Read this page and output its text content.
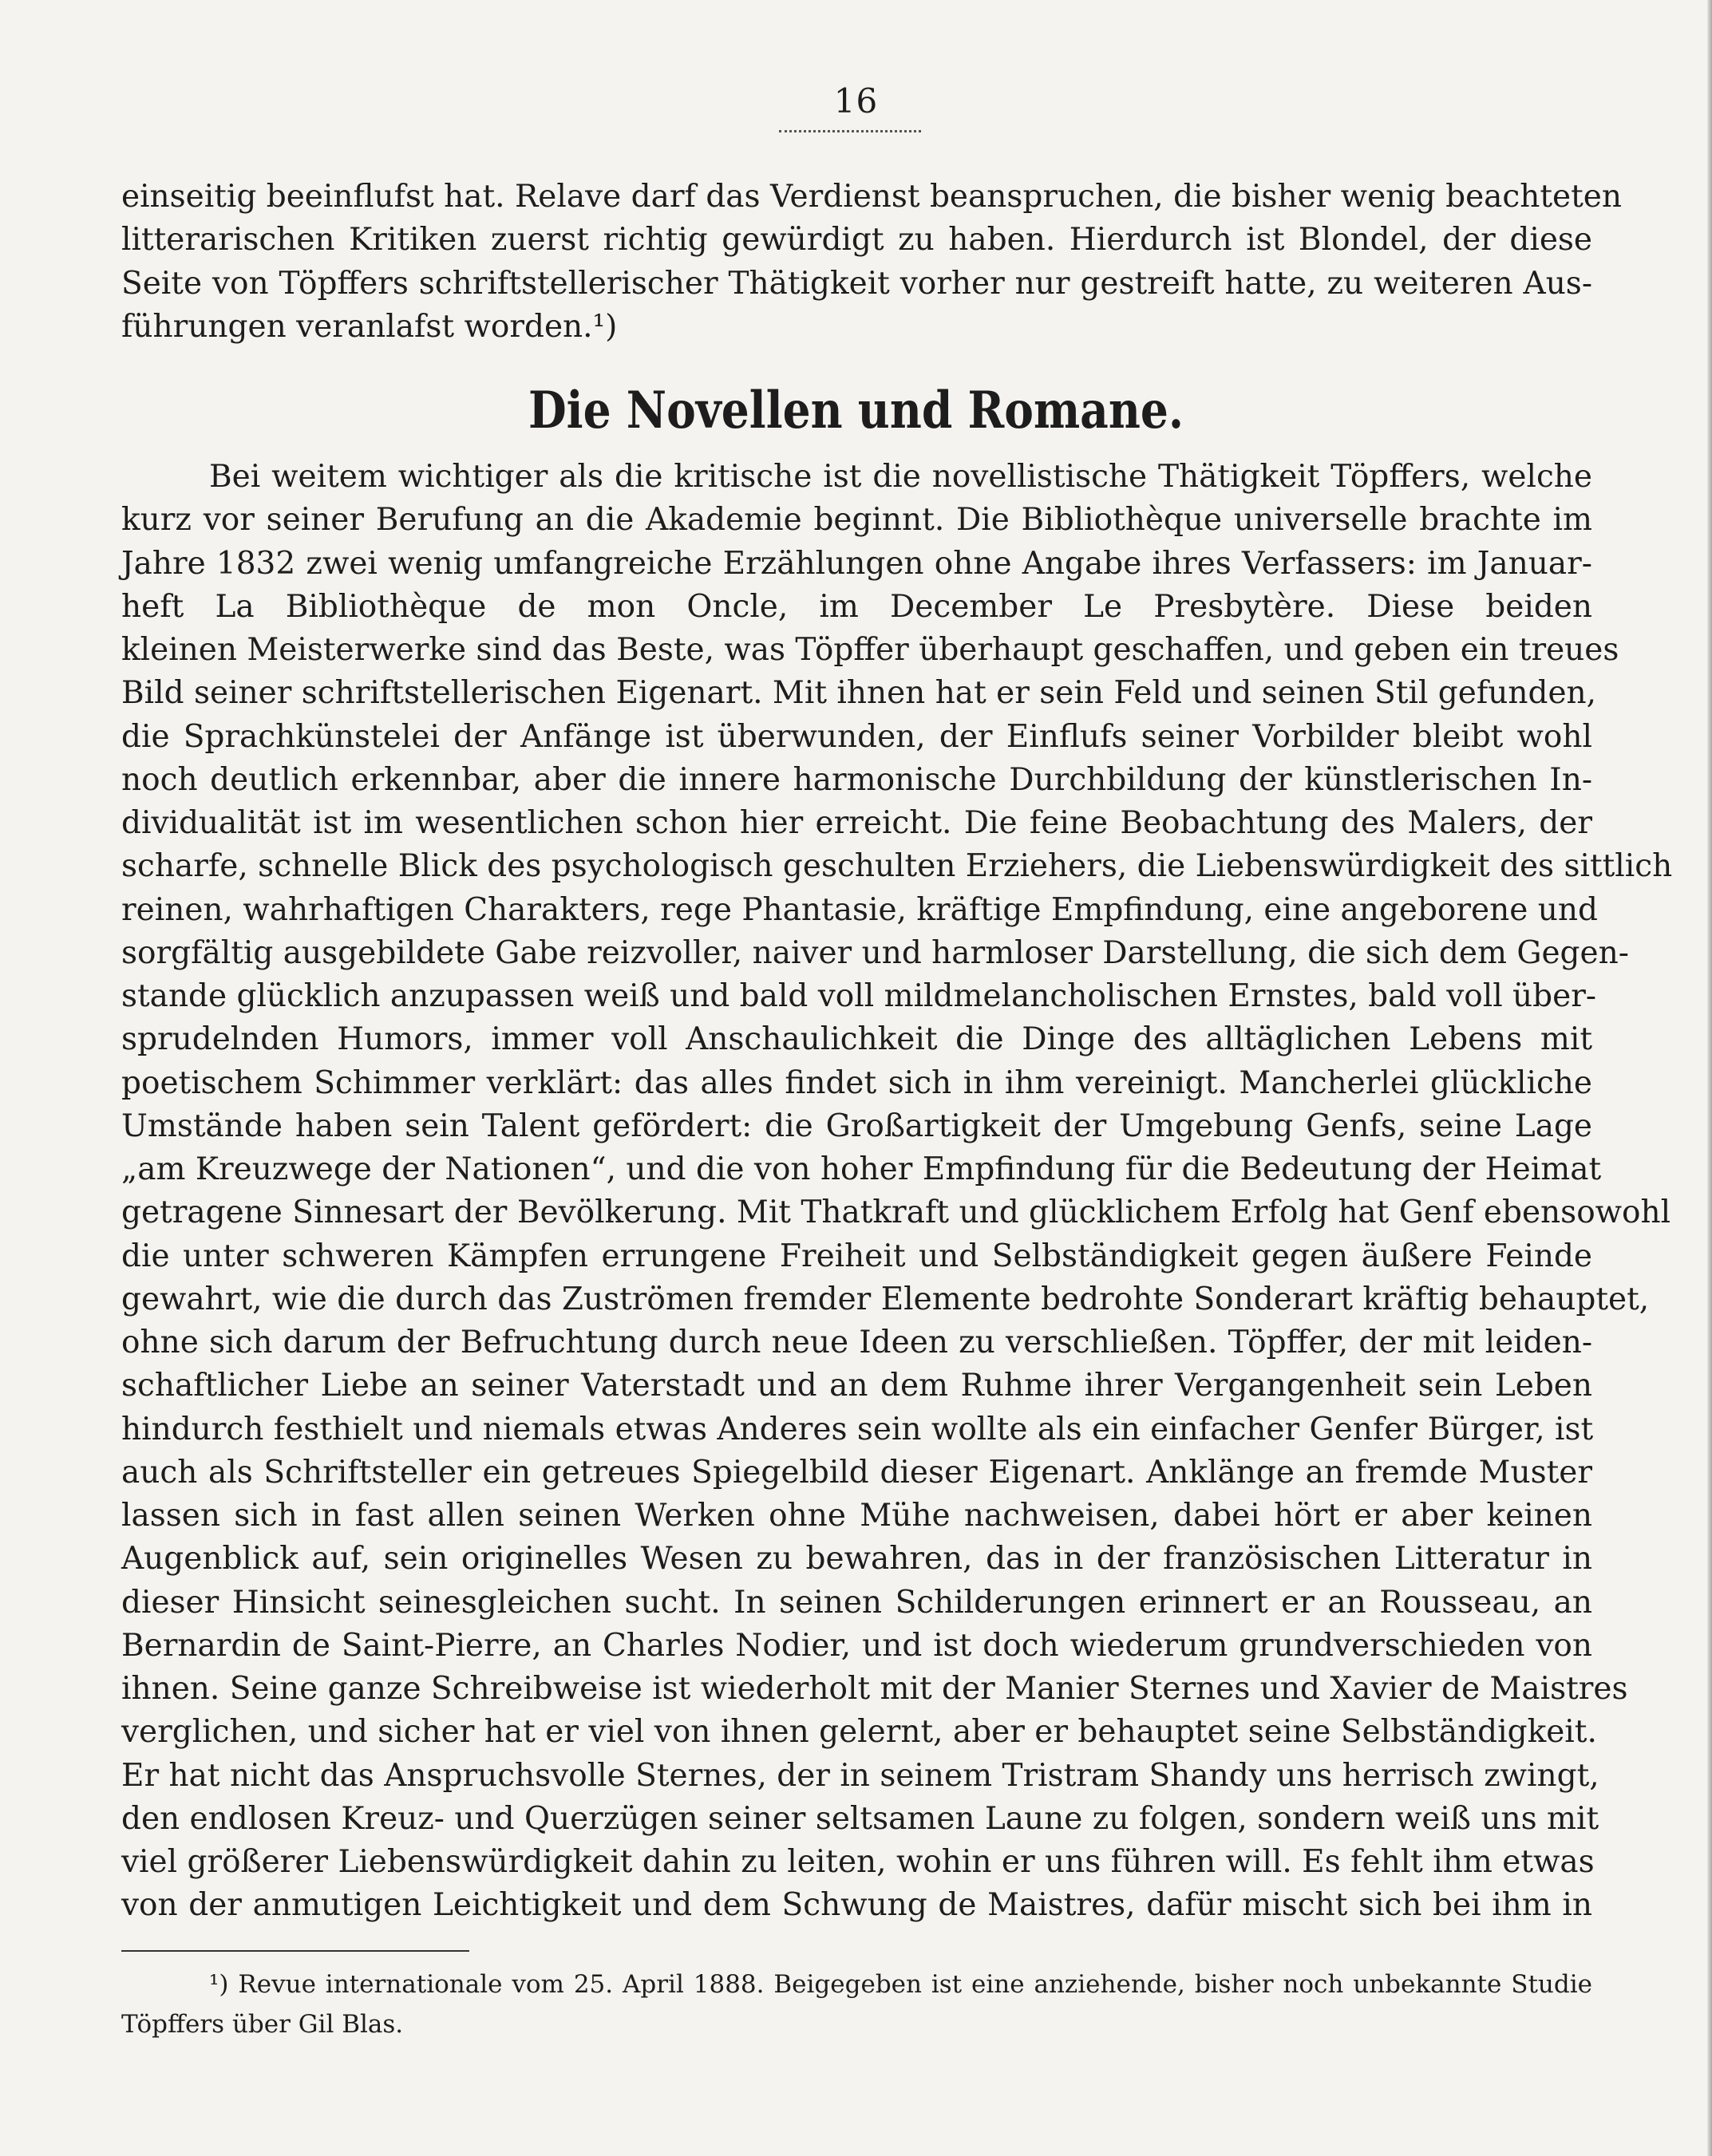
16
einseitig beeinflufst hat. Relave darf das Verdienst beanspruchen, die bisher wenig beachteten
litterarischen Kritiken zuerst richtig gewürdigt zu haben. Hierdurch ist Blondel, der diese
Seite von Töpffers schriftstellerischer Thätigkeit vorher nur gestreift hatte, zu weiteren Aus-
führungen veranlafst worden.¹)
Die Novellen und Romane.
Bei weitem wichtiger als die kritische ist die novellistische Thätigkeit Töpffers, welche
kurz vor seiner Berufung an die Akademie beginnt. Die Bibliothèque universelle brachte im
Jahre 1832 zwei wenig umfangreiche Erzählungen ohne Angabe ihres Verfassers: im Januar-
heft La Bibliothèque de mon Oncle, im December Le Presbytère. Diese beiden
kleinen Meisterwerke sind das Beste, was Töpffer überhaupt geschaffen, und geben ein treues
Bild seiner schriftstellerischen Eigenart. Mit ihnen hat er sein Feld und seinen Stil gefunden,
die Sprachkünstelei der Anfänge ist überwunden, der Einflufs seiner Vorbilder bleibt wohl
noch deutlich erkennbar, aber die innere harmonische Durchbildung der künstlerischen In-
dividualität ist im wesentlichen schon hier erreicht. Die feine Beobachtung des Malers, der
scharfe, schnelle Blick des psychologisch geschulten Erziehers, die Liebenswürdigkeit des sittlich
reinen, wahrhaftigen Charakters, rege Phantasie, kräftige Empfindung, eine angeborene und
sorgfältig ausgebildete Gabe reizvoller, naiver und harmloser Darstellung, die sich dem Gegen-
stande glücklich anzupassen weiß und bald voll mildmelancholischen Ernstes, bald voll über-
sprudelnden Humors, immer voll Anschaulichkeit die Dinge des alltäglichen Lebens mit
poetischem Schimmer verklärt: das alles findet sich in ihm vereinigt. Mancherlei glückliche
Umstände haben sein Talent gefördert: die Großartigkeit der Umgebung Genfs, seine Lage
„am Kreuzwege der Nationen“, und die von hoher Empfindung für die Bedeutung der Heimat
getragene Sinnesart der Bevölkerung. Mit Thatkraft und glücklichem Erfolg hat Genf ebensowohl
die unter schweren Kämpfen errungene Freiheit und Selbständigkeit gegen äußere Feinde
gewahrt, wie die durch das Zuströmen fremder Elemente bedrohte Sonderart kräftig behauptet,
ohne sich darum der Befruchtung durch neue Ideen zu verschließen. Töpffer, der mit leiden-
schaftlicher Liebe an seiner Vaterstadt und an dem Ruhme ihrer Vergangenheit sein Leben
hindurch festhielt und niemals etwas Anderes sein wollte als ein einfacher Genfer Bürger, ist
auch als Schriftsteller ein getreues Spiegelbild dieser Eigenart. Anklänge an fremde Muster
lassen sich in fast allen seinen Werken ohne Mühe nachweisen, dabei hört er aber keinen
Augenblick auf, sein originelles Wesen zu bewahren, das in der französischen Litteratur in
dieser Hinsicht seinesgleichen sucht. In seinen Schilderungen erinnert er an Rousseau, an
Bernardin de Saint-Pierre, an Charles Nodier, und ist doch wiederum grundverschieden von
ihnen. Seine ganze Schreibweise ist wiederholt mit der Manier Sternes und Xavier de Maistres
verglichen, und sicher hat er viel von ihnen gelernt, aber er behauptet seine Selbständigkeit.
Er hat nicht das Anspruchsvolle Sternes, der in seinem Tristram Shandy uns herrisch zwingt,
den endlosen Kreuz- und Querzügen seiner seltsamen Laune zu folgen, sondern weiß uns mit
viel größerer Liebenswürdigkeit dahin zu leiten, wohin er uns führen will. Es fehlt ihm etwas
von der anmutigen Leichtigkeit und dem Schwung de Maistres, dafür mischt sich bei ihm in
¹) Revue internationale vom 25. April 1888. Beigegeben ist eine anziehende, bisher noch unbekannte Studie
Töpffers über Gil Blas.
